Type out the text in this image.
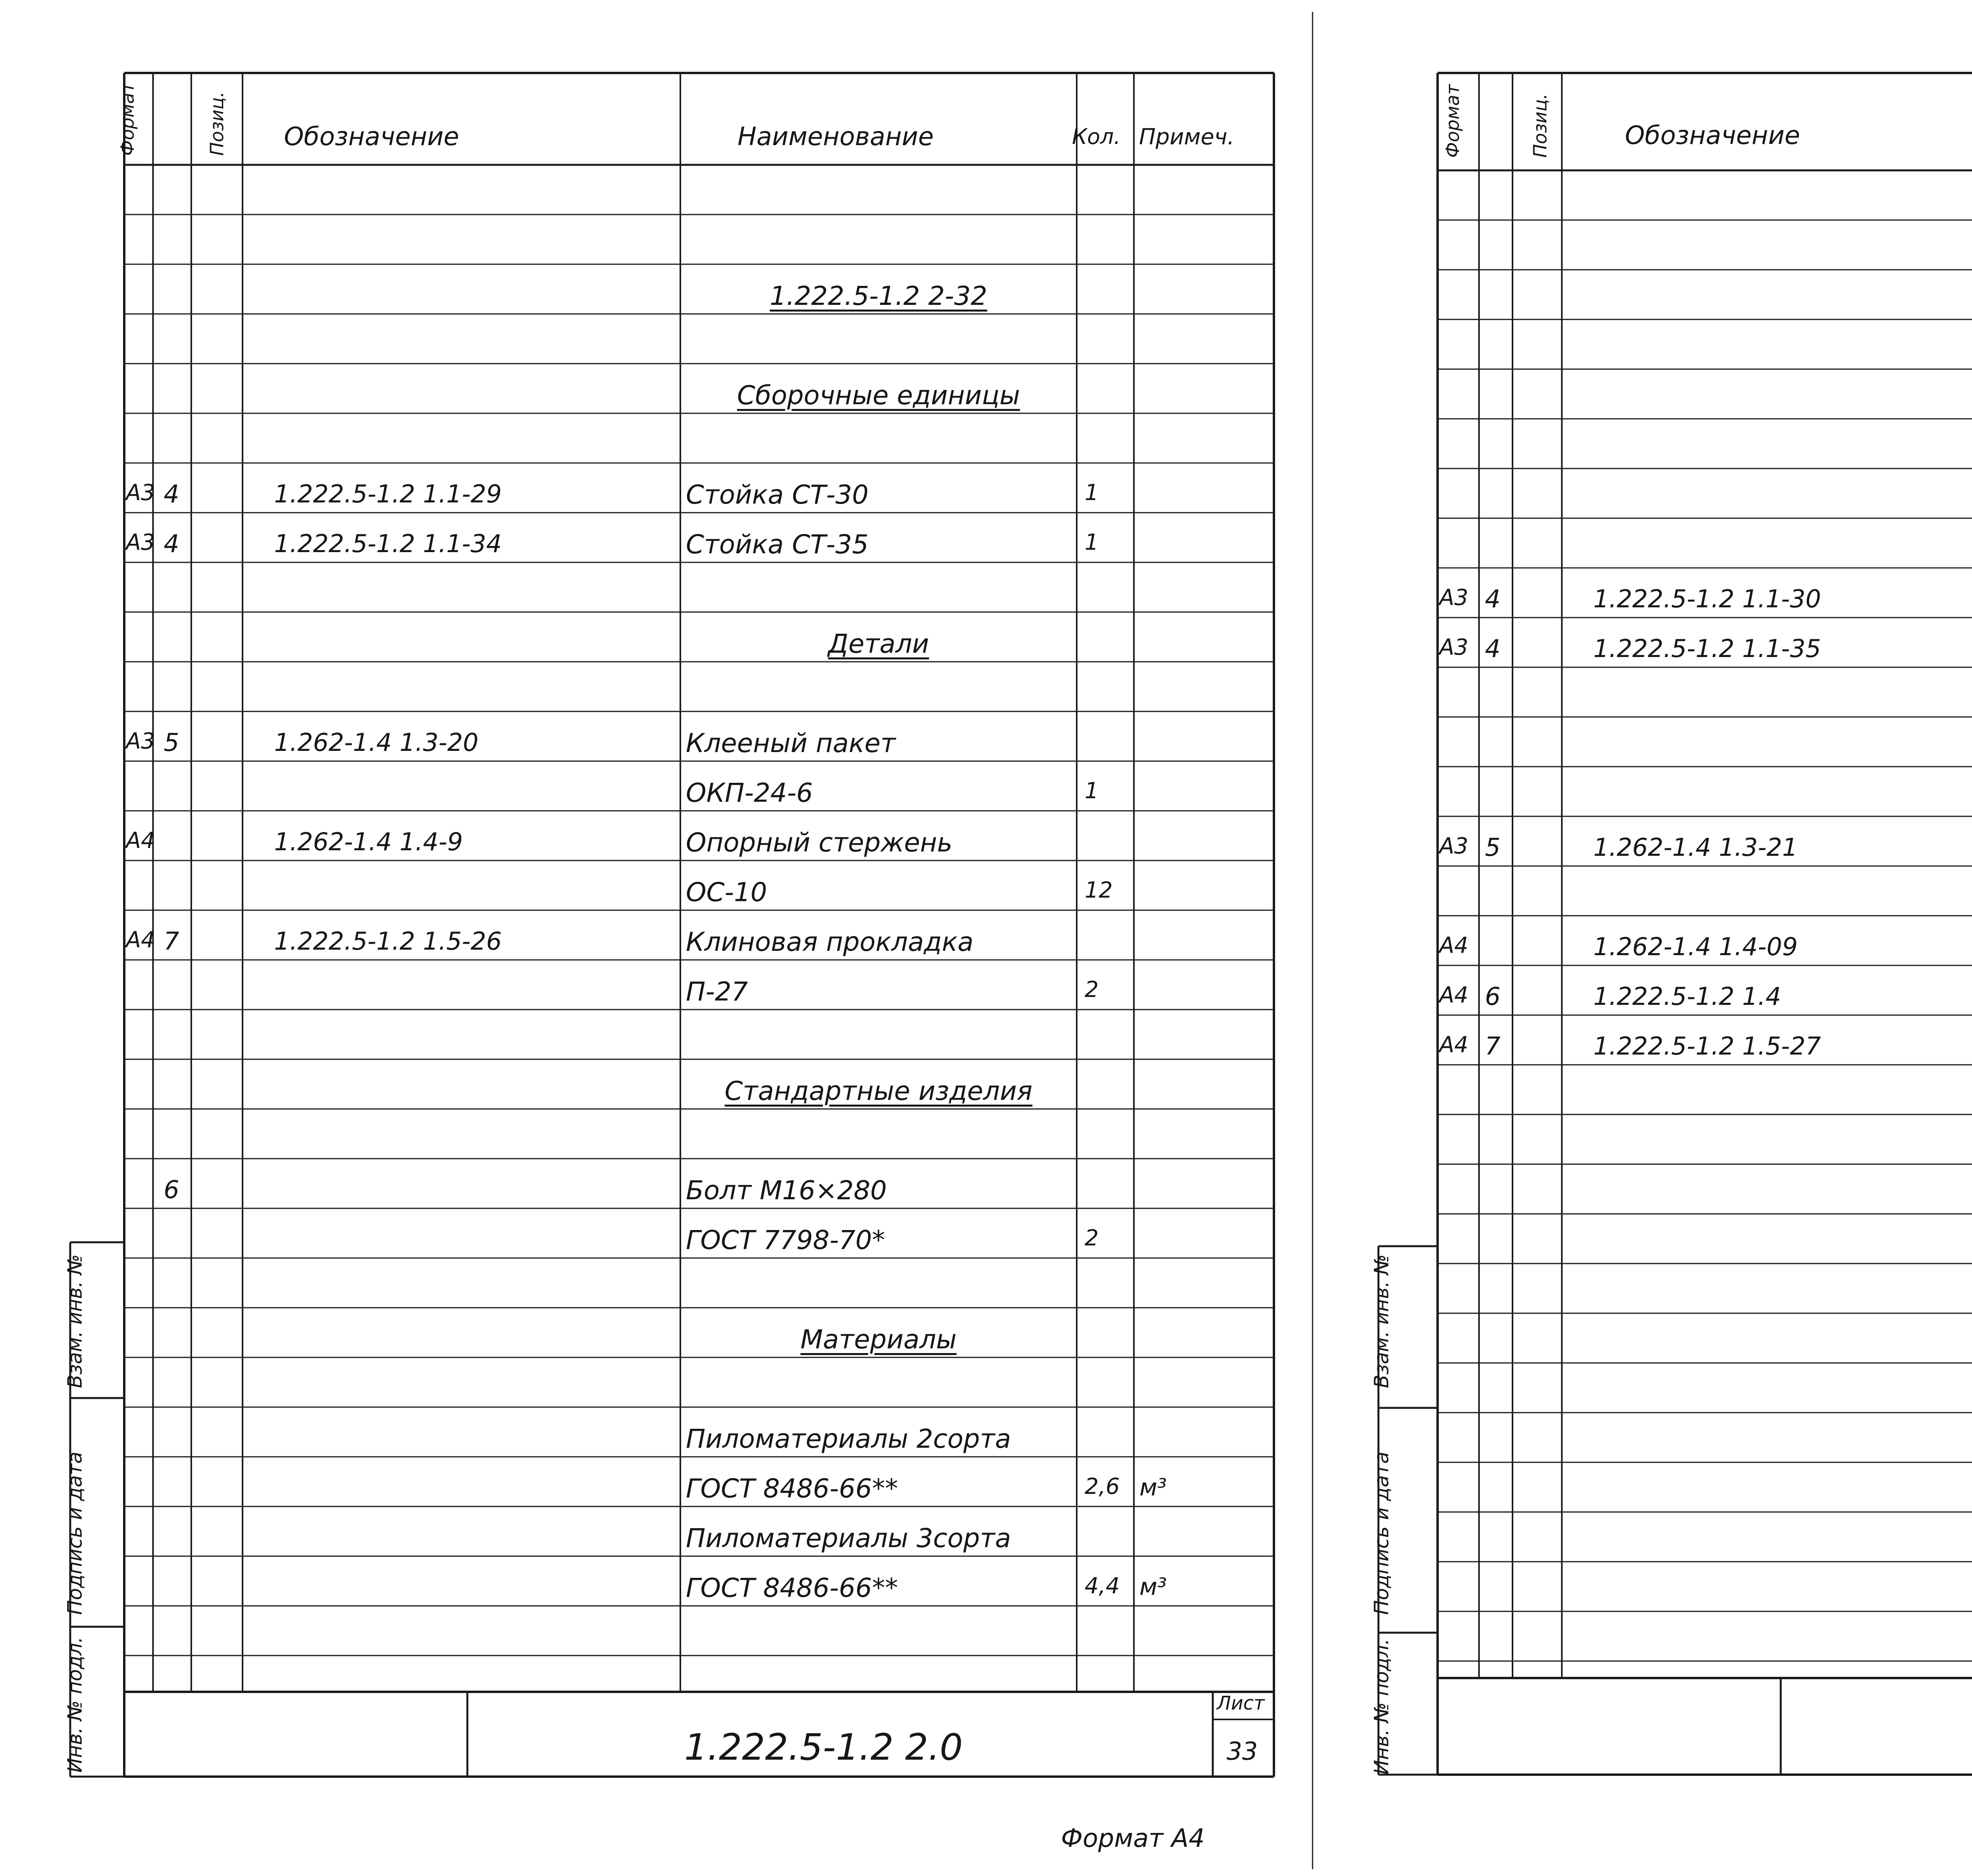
Формат	Позиц. Обозначение	Наименование	Кол. Примеч.
1.222.5-1.2 2-32
Сборочные единицы
А3 4	1.222.5-1.2 1.1-29	Стойка СТ-30	1
А3 4	1.222.5-1.2 1.1-34	Стойка СТ-35	1
Детали
А3 5	1.262-1.4 1.3-20	Клееный пакет
ОКП-24-6	1
А4	1.262-1.4 1.4-9	Опорный стержень
ОС-10	12
А4 7	1.222.5-1.2 1.5-26	Клиновая прокладка
П-27	2
Стандартные изделия
6	Болт М16×280
ГОСТ 7798-70*	2
Материалы
Пиломатериалы 2сорта
ГОСТ 8486-66**	2,6 м³
Пиломатериалы 3сорта
ГОСТ 8486-66**	4,4 м³
Взам. инв. №
Подпись и дата
Инв. № подл.	1.222.5-1.2 2.0
Лист
33
Формат А4
Формат	Позиц.	Обозначение
А3 4	1.222.5-1.2 1.1-30
А3 4	1.222.5-1.2 1.1-35
А3 5	1.262-1.4 1.3-21
А4	1.262-1.4 1.4-09
А4 6	1.222.5-1.2 1.4
А4 7	1.222.5-1.2 1.5-27
Взам. инв. №
Подпись и дата
Инв. № подл.
